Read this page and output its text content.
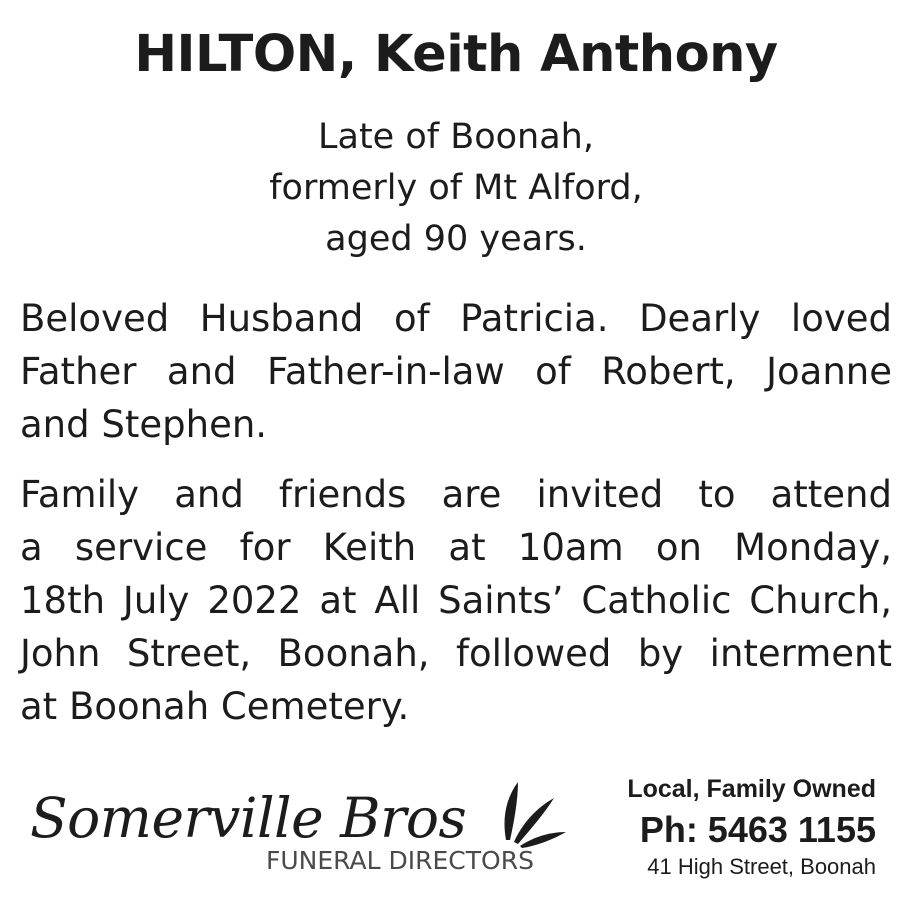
HILTON, Keith Anthony
Late of Boonah,
formerly of Mt Alford,
aged 90 years.
Beloved Husband of Patricia. Dearly loved
Father and Father-in-law of Robert, Joanne
and Stephen.
Family and friends are invited to attend
a service for Keith at 10am on Monday,
18th July 2022 at All Saints’ Catholic Church,
John Street, Boonah, followed by interment
at Boonah Cemetery.
Somerville Bros
FUNERAL DIRECTORS
Local, Family Owned
Ph: 5463 1155
41 High Street, Boonah
